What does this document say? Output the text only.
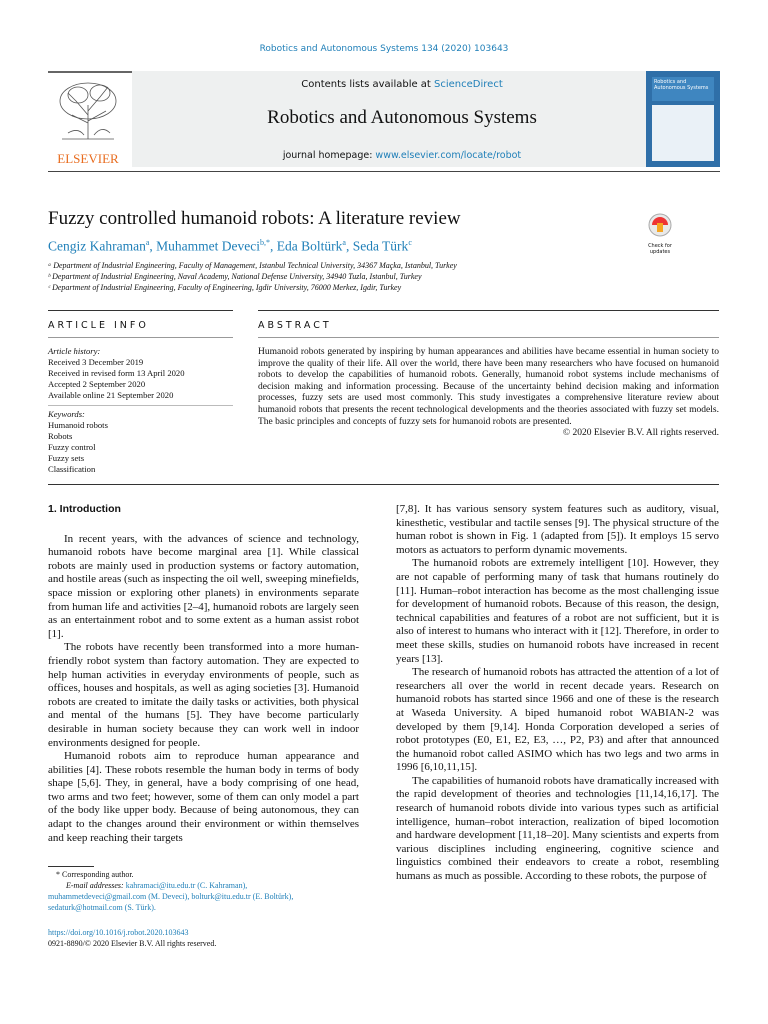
Robotics and Autonomous Systems 134 (2020) 103643
ELSEVIER
Contents lists available at ScienceDirect
Robotics and Autonomous Systems
journal homepage: www.elsevier.com/locate/robot
Robotics and Autonomous Systems
Fuzzy controlled humanoid robots: A literature review
Check for updates
Cengiz Kahraman$^a$, Muhammet Deveci$^{b,*}$, Eda Boltürk$^a$, Seda Türk$^c$
ᵃ Department of Industrial Engineering, Faculty of Management, Istanbul Technical University, 34367 Maçka, Istanbul, Turkey
ᵇ Department of Industrial Engineering, Naval Academy, National Defense University, 34940 Tuzla, Istanbul, Turkey
ᶜ Department of Industrial Engineering, Faculty of Engineering, Igdir University, 76000 Merkez, Igdir, Turkey
ARTICLE INFO	ABSTRACT
Article history:
Received 3 December 2019
Received in revised form 13 April 2020
Accepted 2 September 2020
Available online 21 September 2020
Keywords:
Humanoid robots
Robots
Fuzzy control
Fuzzy sets
Classification
Humanoid robots generated by inspiring by human appearances and abilities have became essential in human society to improve the quality of their life. All over the world, there have been many researchers who have focused on humanoid robots to develop the capabilities of humanoid robots. Generally, humanoid robot systems include mechanisms of decision making and information processing. Because of the uncertainty behind decision making and information processes, fuzzy sets are used most commonly. This study investigates a comprehensive literature review about humanoid robots that presents the recent technological developments and the theories associated with fuzzy set models. The basic principles and concepts of fuzzy sets for humanoid robots are presented.
© 2020 Elsevier B.V. All rights reserved.

1. Introduction

In recent years, with the advances of science and technology, humanoid robots have become marginal area [1]. While classical robots are mainly used in production systems or factory automation, and hostile areas (such as inspecting the oil well, sweeping minefields, space mission or exploring other planets) in environments separate from human life and activities [2–4], humanoid robots are largely seen as an entertainment robot and to some extent as a human assist robot [1].

The robots have recently been transformed into a more human-friendly robot system than factory automation. They are expected to help human activities in everyday environments of people, such as offices, houses and hospitals, as well as aging societies [3]. Humanoid robots are created to imitate the daily tasks or activities, both physical and mental of the humans [5]. They have become particularly desirable in human society because they can work well in indoor environments designed for people.

Humanoid robots aim to reproduce human appearance and abilities [4]. These robots resemble the human body in terms of body shape [5,6]. They, in general, have a body comprising of one head, two arms and two feet; however, some of them can only model a part of the body like upper body. Because of being autonomous, they can adapt to the changes around their environment or within themselves and keep reaching their targets

[7,8]. It has various sensory system features such as auditory, visual, kinesthetic, vestibular and tactile senses [9]. The physical structure of the human robot is shown in Fig. 1 (adapted from [5]). It employs 15 servo motors as actuators to perform dynamic movements.

The humanoid robots are extremely intelligent [10]. However, they are not capable of performing many of task that humans routinely do [11]. Human–robot interaction has become as the most challenging issue for development of humanoid robots. Because of this reason, the design, technical capabilities and features of a robot are not sufficient, but it is also of interest to humans who interact with it [12]. Therefore, in order to meet these skills, studies on humanoid robots have increased in recent years [13].

The research of humanoid robots has attracted the attention of a lot of researchers all over the world in recent decade years. Research on humanoid robots has started since 1966 and one of these is the research at Waseda University. A biped humanoid robot WABIAN-2 was developed by them [9,14]. Honda Corporation developed a series of robot prototypes (E0, E1, E2, E3, …, P2, P3) and after that announced the humanoid robot called ASIMO which has two legs and two arms in 1996 [6,10,11,15].

The capabilities of humanoid robots have dramatically increased with the rapid development of theories and technologies [11,14,16,17]. The research of humanoid robots divide into various types such as artificial intelligence, human–robot interaction, realization of biped locomotion and hardware development [11,18–20]. Many scientists and experts from various disciplines including engineering, cognitive science and linguistics combined their endeavors to create a robot, resembling humans as much as possible. According to these robots, the purpose of

* Corresponding author.
E-mail addresses: kahramaci@itu.edu.tr (C. Kahraman),
muhammetdeveci@gmail.com (M. Deveci), bolturk@itu.edu.tr (E. Boltürk),
sedaturk@hotmail.com (S. Türk).
https://doi.org/10.1016/j.robot.2020.103643
0921-8890/© 2020 Elsevier B.V. All rights reserved.
